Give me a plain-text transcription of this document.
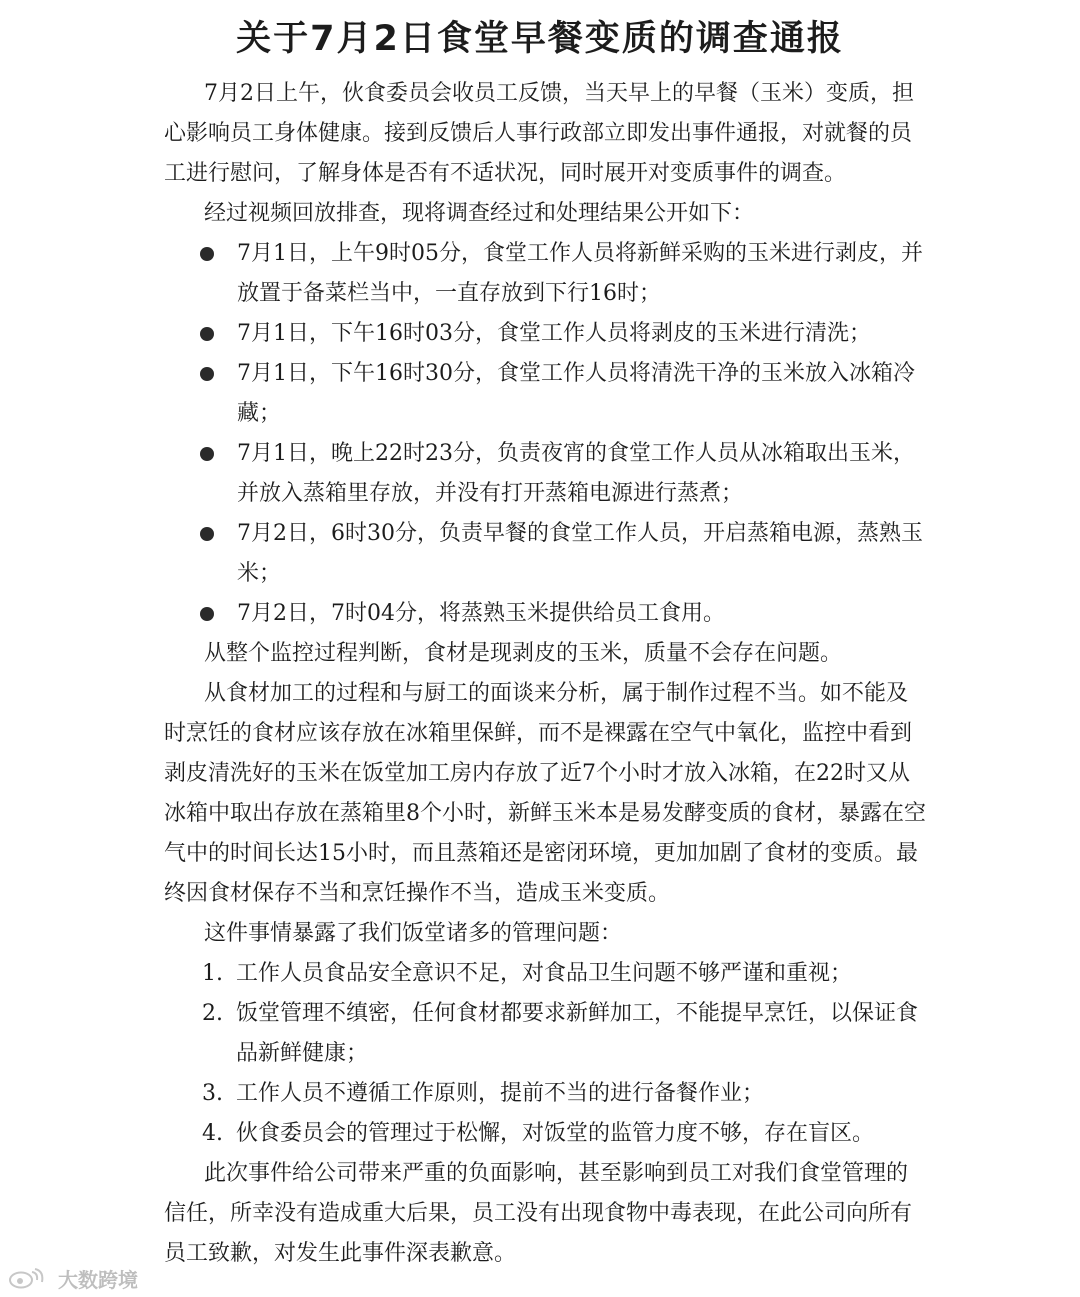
关于7月2日食堂早餐变质的调查通报

7月2日上午，伙食委员会收员工反馈，当天早上的早餐（玉米）变质，担心影响员工身体健康。接到反馈后人事行政部立即发出事件通报，对就餐的员工进行慰问，了解身体是否有不适状况，同时展开对变质事件的调查。

经过视频回放排查，现将调查经过和处理结果公开如下：

7月1日，上午9时05分，食堂工作人员将新鲜采购的玉米进行剥皮，并放置于备菜栏当中，一直存放到下行16时；
7月1日，下午16时03分，食堂工作人员将剥皮的玉米进行清洗；
7月1日，下午16时30分，食堂工作人员将清洗干净的玉米放入冰箱冷藏；
7月1日，晚上22时23分，负责夜宵的食堂工作人员从冰箱取出玉米，并放入蒸箱里存放，并没有打开蒸箱电源进行蒸煮；
7月2日，6时30分，负责早餐的食堂工作人员，开启蒸箱电源，蒸熟玉米；
7月2日，7时04分，将蒸熟玉米提供给员工食用。

从整个监控过程判断，食材是现剥皮的玉米，质量不会存在问题。

从食材加工的过程和与厨工的面谈来分析，属于制作过程不当。如不能及时烹饪的食材应该存放在冰箱里保鲜，而不是裸露在空气中氧化，监控中看到剥皮清洗好的玉米在饭堂加工房内存放了近7个小时才放入冰箱，在22时又从冰箱中取出存放在蒸箱里8个小时，新鲜玉米本是易发酵变质的食材，暴露在空气中的时间长达15小时，而且蒸箱还是密闭环境，更加加剧了食材的变质。最终因食材保存不当和烹饪操作不当，造成玉米变质。

这件事情暴露了我们饭堂诸多的管理问题：

1. 工作人员食品安全意识不足，对食品卫生问题不够严谨和重视；
2. 饭堂管理不缜密，任何食材都要求新鲜加工，不能提早烹饪，以保证食品新鲜健康；
3. 工作人员不遵循工作原则，提前不当的进行备餐作业；
4. 伙食委员会的管理过于松懈，对饭堂的监管力度不够，存在盲区。

此次事件给公司带来严重的负面影响，甚至影响到员工对我们食堂管理的信任，所幸没有造成重大后果，员工没有出现食物中毒表现，在此公司向所有员工致歉，对发生此事件深表歉意。

大数跨境
